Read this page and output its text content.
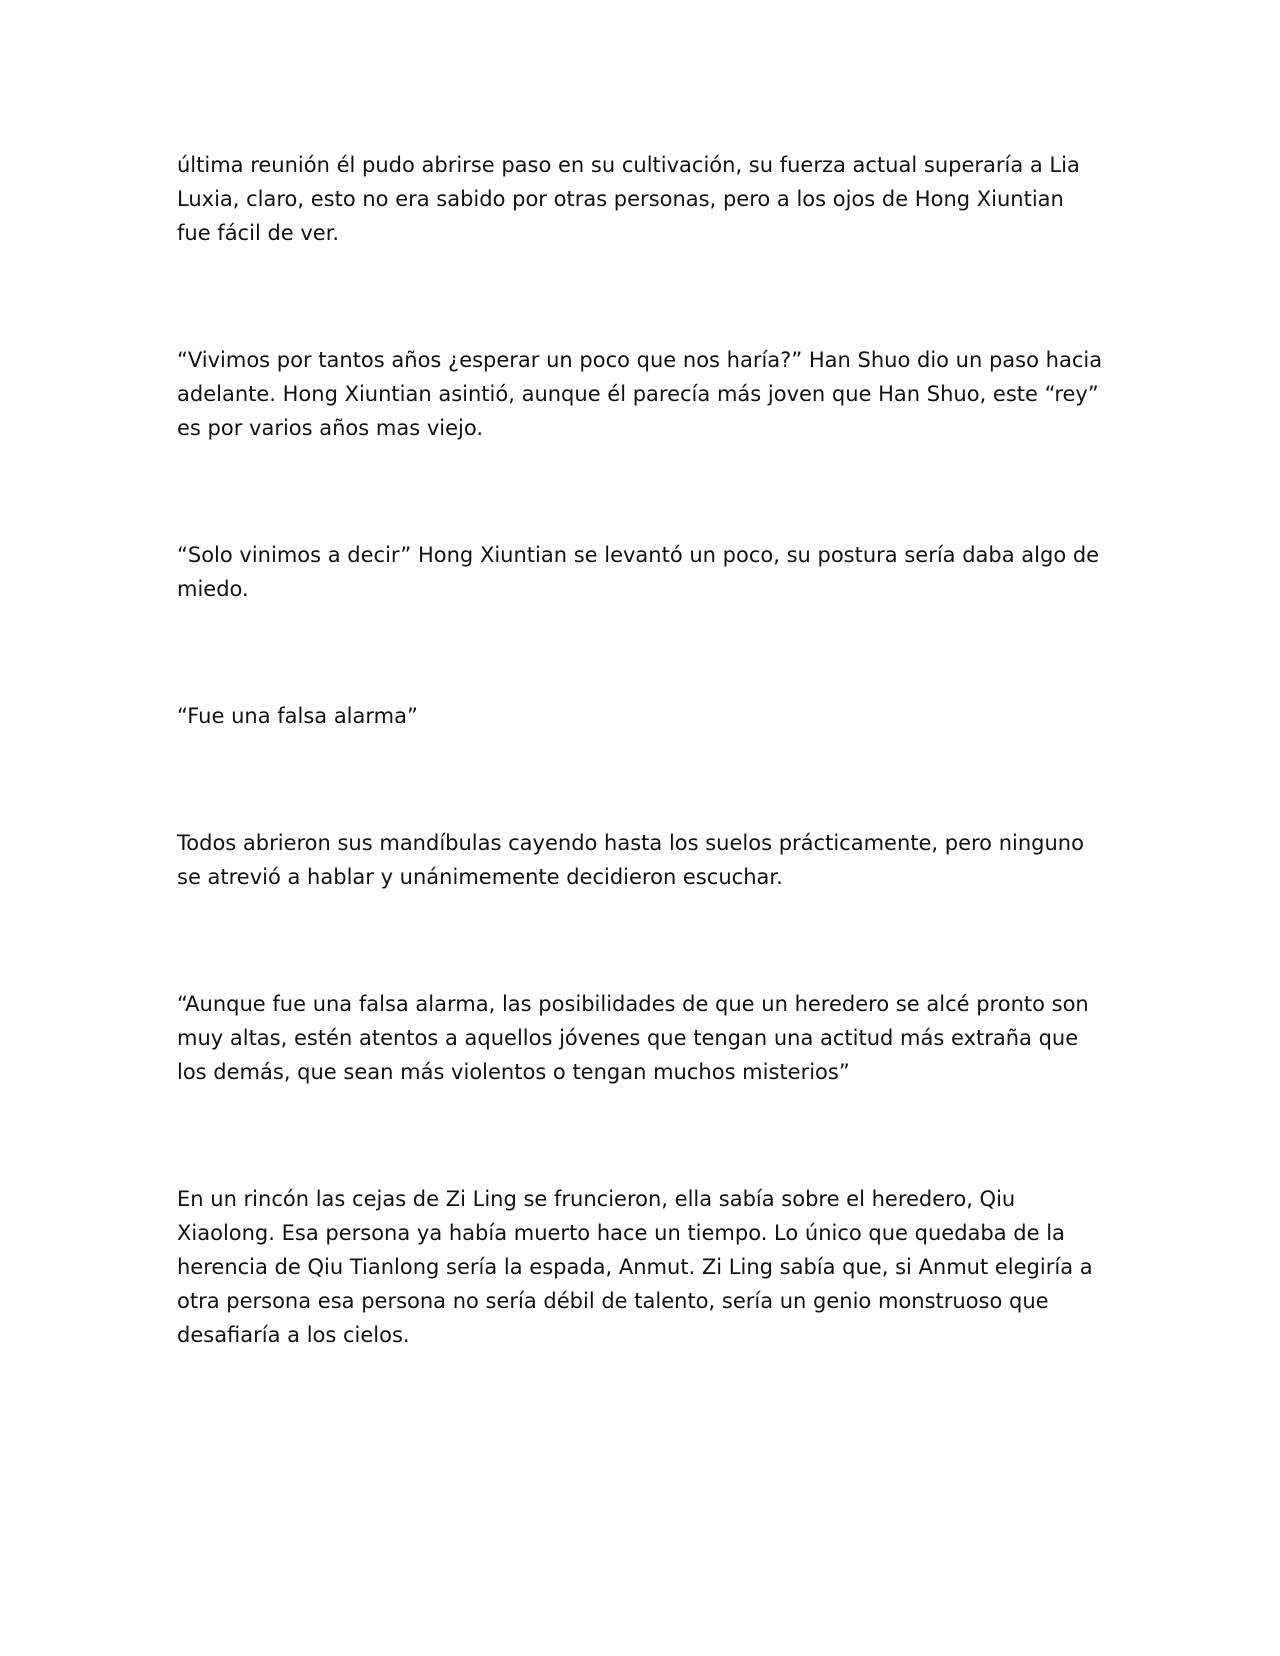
última reunión él pudo abrirse paso en su cultivación, su fuerza actual superaría a Lia
Luxia, claro, esto no era sabido por otras personas, pero a los ojos de Hong Xiuntian
fue fácil de ver.

“Vivimos por tantos años ¿esperar un poco que nos haría?” Han Shuo dio un paso hacia
adelante. Hong Xiuntian asintió, aunque él parecía más joven que Han Shuo, este “rey”
es por varios años mas viejo.

“Solo vinimos a decir” Hong Xiuntian se levantó un poco, su postura sería daba algo de
miedo.

“Fue una falsa alarma”

Todos abrieron sus mandíbulas cayendo hasta los suelos prácticamente, pero ninguno
se atrevió a hablar y unánimemente decidieron escuchar.

“Aunque fue una falsa alarma, las posibilidades de que un heredero se alcé pronto son
muy altas, estén atentos a aquellos jóvenes que tengan una actitud más extraña que
los demás, que sean más violentos o tengan muchos misterios”

En un rincón las cejas de Zi Ling se fruncieron, ella sabía sobre el heredero, Qiu
Xiaolong. Esa persona ya había muerto hace un tiempo. Lo único que quedaba de la
herencia de Qiu Tianlong sería la espada, Anmut. Zi Ling sabía que, si Anmut elegiría a
otra persona esa persona no sería débil de talento, sería un genio monstruoso que
desafiaría a los cielos.
